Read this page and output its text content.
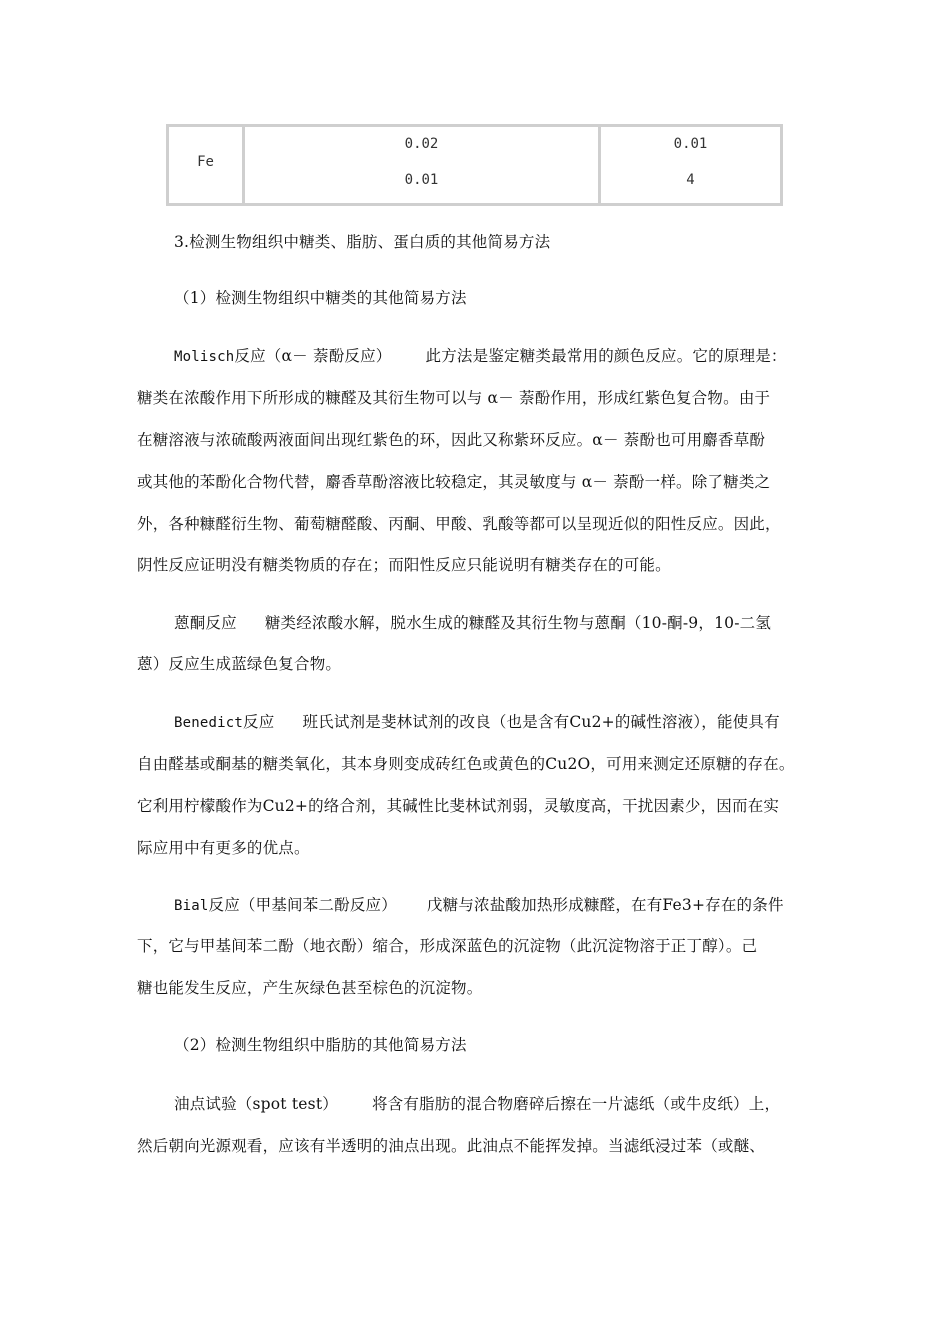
Fe
0.02
0.01
0.01
4
3.检测生物组织中糖类、脂肪、蛋白质的其他简易方法
（1）检测生物组织中糖类的其他简易方法
Molisch反应（α－ 萘酚反应） 此方法是鉴定糖类最常用的颜色反应。它的原理是：
糖类在浓酸作用下所形成的糠醛及其衍生物可以与 α－ 萘酚作用，形成红紫色复合物。由于
在糖溶液与浓硫酸两液面间出现红紫色的环，因此又称紫环反应。α－ 萘酚也可用麝香草酚
或其他的苯酚化合物代替，麝香草酚溶液比较稳定，其灵敏度与 α－ 萘酚一样。除了糖类之
外，各种糠醛衍生物、葡萄糖醛酸、丙酮、甲酸、乳酸等都可以呈现近似的阳性反应。因此，
阴性反应证明没有糖类物质的存在；而阳性反应只能说明有糖类存在的可能。
蒽酮反应 糖类经浓酸水解，脱水生成的糠醛及其衍生物与蒽酮（10-酮-9，10-二氢
蒽）反应生成蓝绿色复合物。
Benedict反应 班氏试剂是斐林试剂的改良（也是含有Cu2+的碱性溶液），能使具有
自由醛基或酮基的糖类氧化，其本身则变成砖红色或黄色的Cu2O，可用来测定还原糖的存在。
它利用柠檬酸作为Cu2+的络合剂，其碱性比斐林试剂弱，灵敏度高，干扰因素少，因而在实
际应用中有更多的优点。
Bial反应（甲基间苯二酚反应） 戊糖与浓盐酸加热形成糠醛，在有Fe3+存在的条件
下，它与甲基间苯二酚（地衣酚）缩合，形成深蓝色的沉淀物（此沉淀物溶于正丁醇）。己
糖也能发生反应，产生灰绿色甚至棕色的沉淀物。
（2）检测生物组织中脂肪的其他简易方法
油点试验（spot test） 将含有脂肪的混合物磨碎后擦在一片滤纸（或牛皮纸）上，
然后朝向光源观看，应该有半透明的油点出现。此油点不能挥发掉。当滤纸浸过苯（或醚、
